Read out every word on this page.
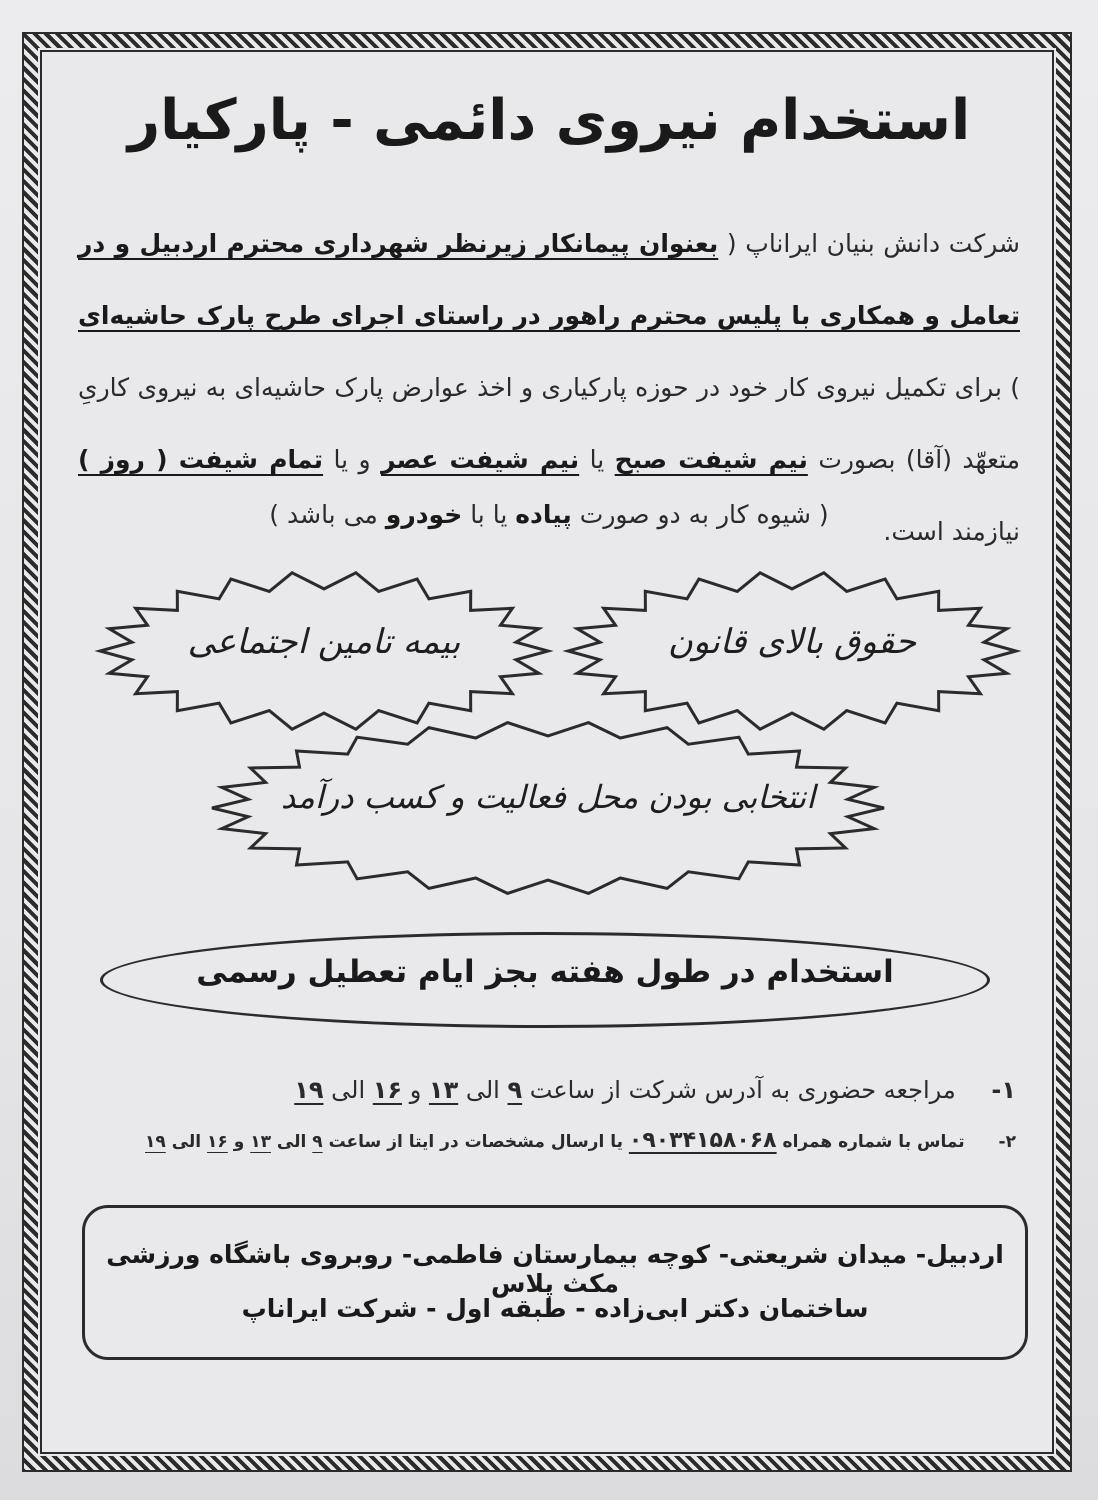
استخدام نیروی دائمی - پارکیار
شرکت دانش بنیان ایراناپ ( بعنوان پیمانکار زیرنظر شهرداری محترم اردبیل و در تعامل و همکاری با پلیس محترم راهور در راستای اجرای طرح پارک حاشیه‌ای ) برای تکمیل نیروی کار خود در حوزه پارکیاری و اخذ عوارض پارک حاشیه‌ای به نیروی کاریِ متعهّد (آقا) بصورت نیم شیفت صبح یا نیم شیفت عصر و یا تمام شیفت ( روز ) نیازمند است.
( شیوه کار به دو صورت پیاده یا با خودرو می باشد )
بیمه تامین اجتماعی	حقوق بالای قانون
انتخابی بودن محل فعالیت و کسب درآمد
استخدام در طول هفته بجز ایام تعطیل رسمی
۱- مراجعه حضوری به آدرس شرکت از ساعت ۹ الی ۱۳ و ۱۶ الی ۱۹
۲- تماس با شماره همراه ۰۹۰۳۴۱۵۸۰۶۸ یا ارسال مشخصات در ایتا از ساعت ۹ الی ۱۳ و ۱۶ الی ۱۹
اردبیل- میدان شریعتی- کوچه بیمارستان فاطمی- روبروی باشگاه ورزشی مکث پلاس
ساختمان دکتر ابی‌زاده - طبقه اول - شرکت ایراناپ
